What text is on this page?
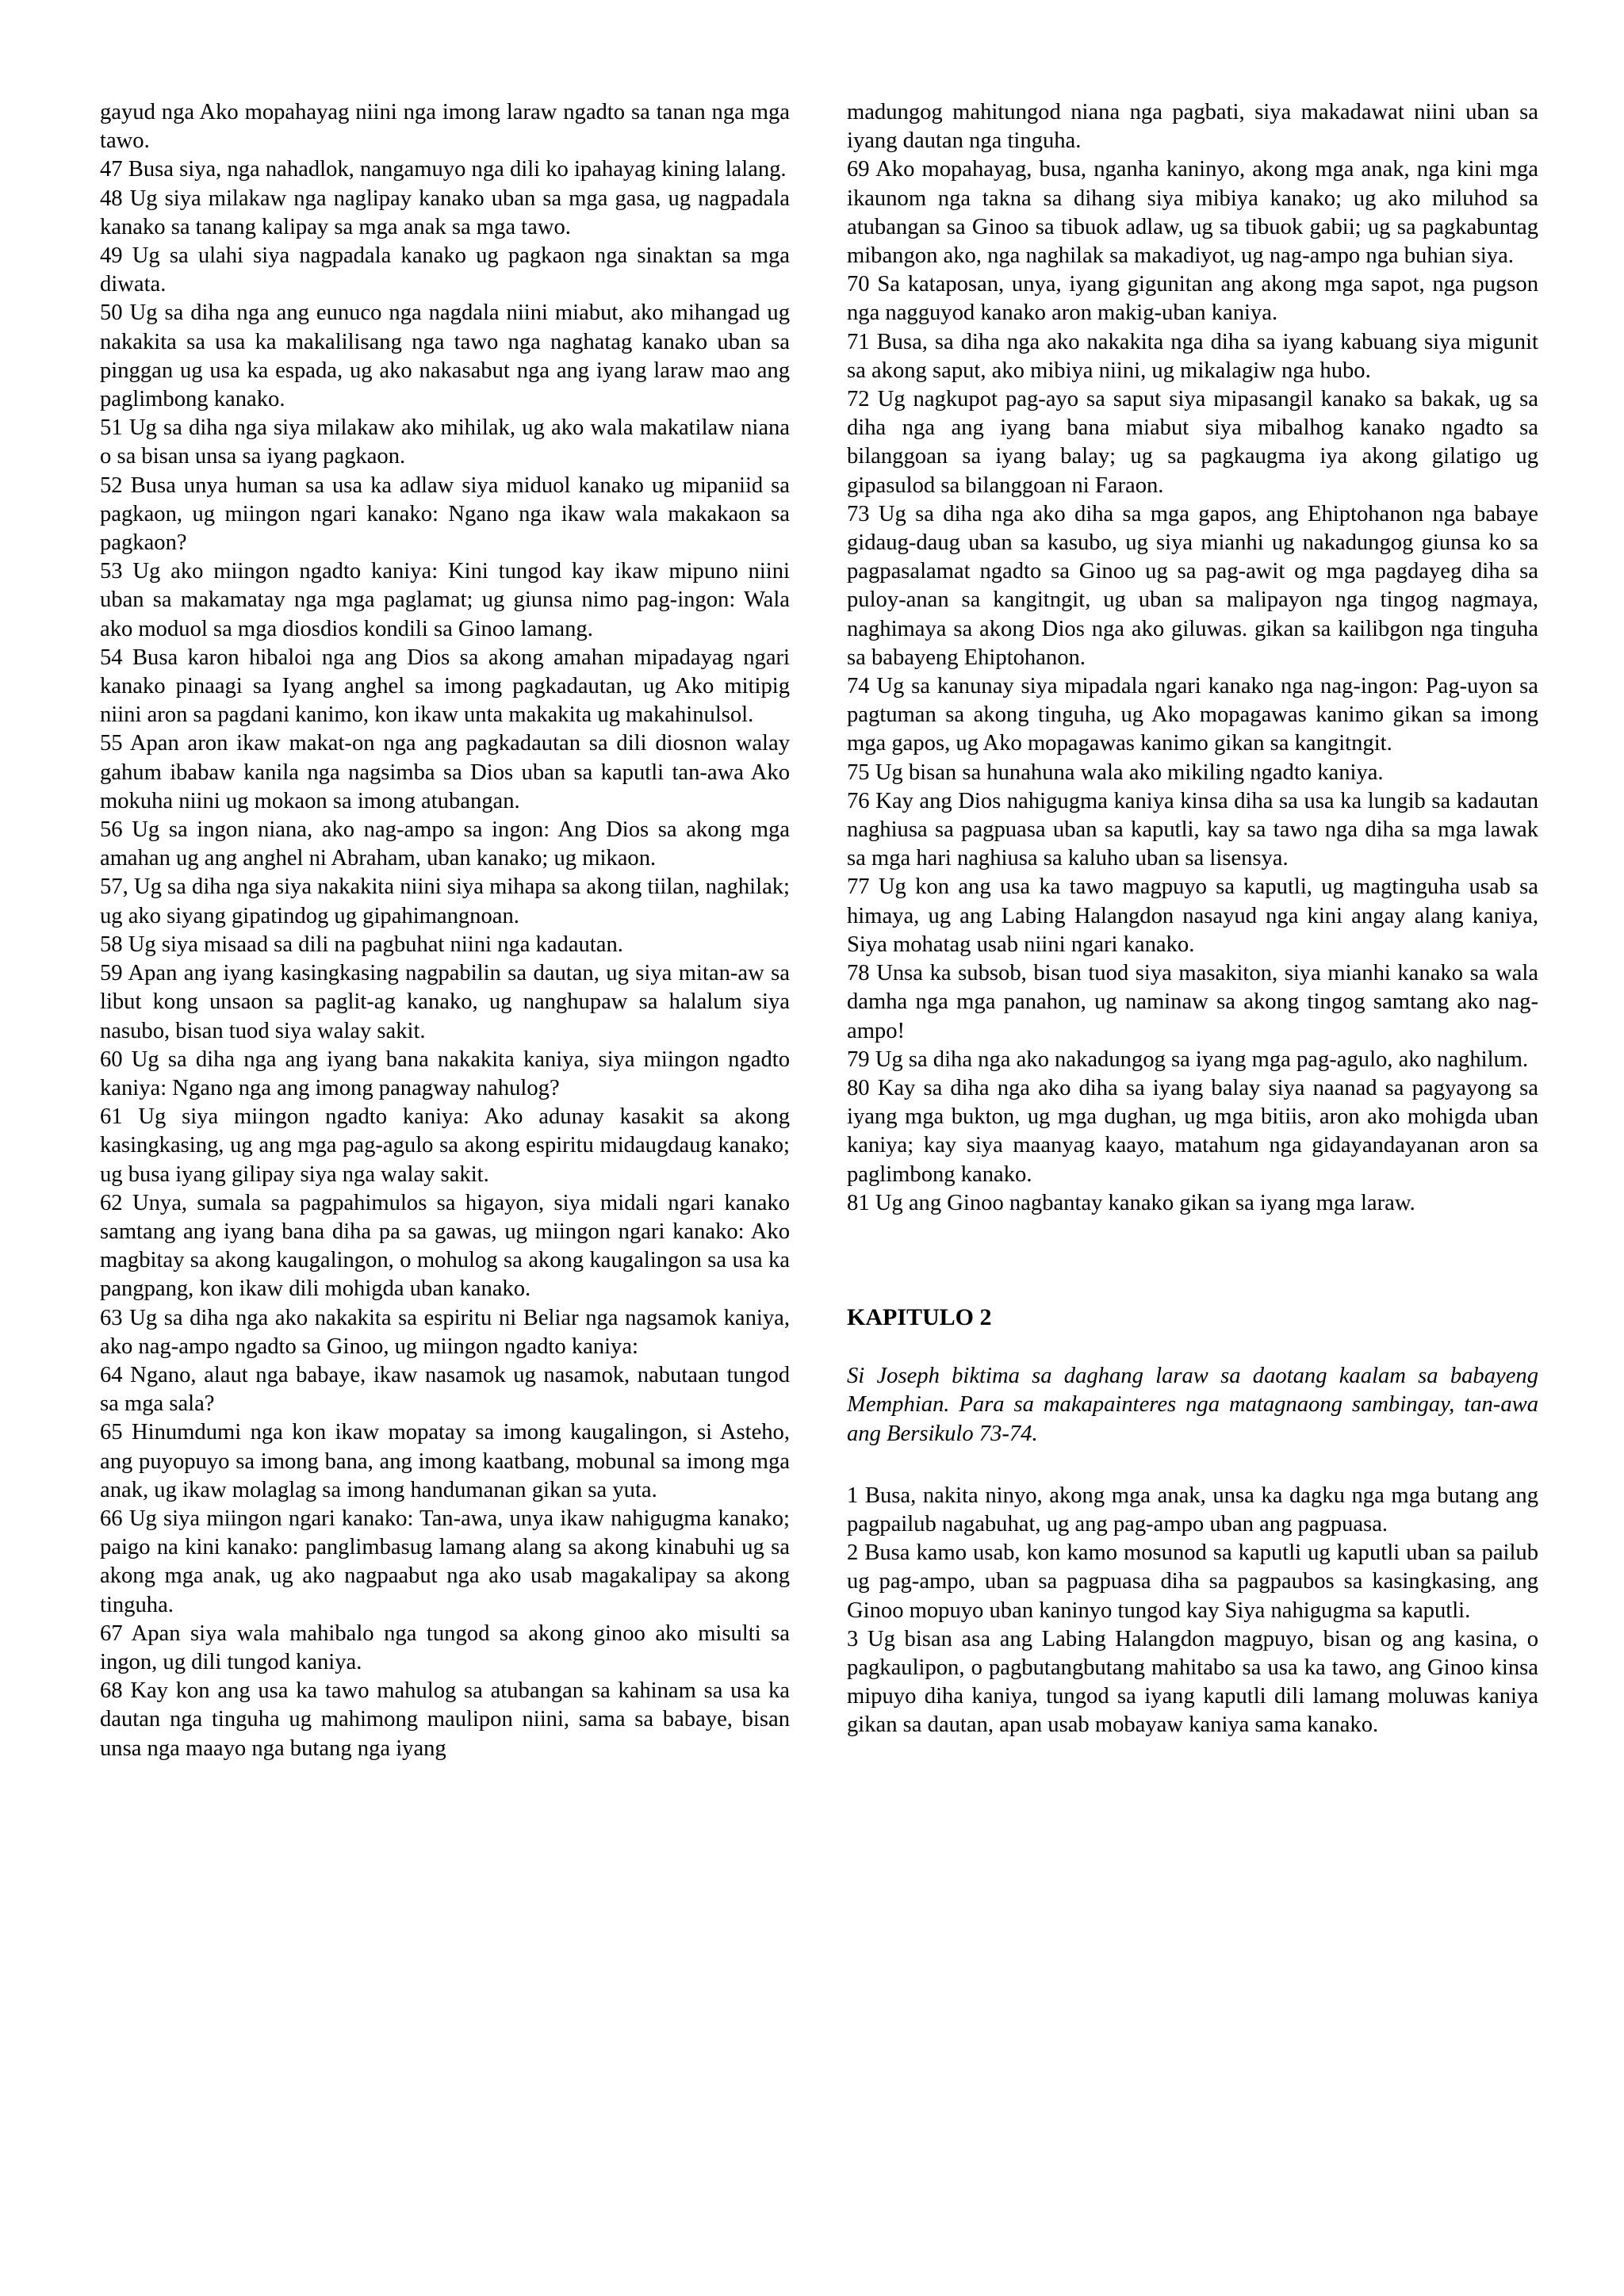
gayud nga Ako mopahayag niini nga imong laraw ngadto sa tanan nga mga tawo.

47 Busa siya, nga nahadlok, nangamuyo nga dili ko ipahayag kining lalang.

48 Ug siya milakaw nga naglipay kanako uban sa mga gasa, ug nagpadala kanako sa tanang kalipay sa mga anak sa mga tawo.

49 Ug sa ulahi siya nagpadala kanako ug pagkaon nga sinaktan sa mga diwata.

50 Ug sa diha nga ang eunuco nga nagdala niini miabut, ako mihangad ug nakakita sa usa ka makalilisang nga tawo nga naghatag kanako uban sa pinggan ug usa ka espada, ug ako nakasabut nga ang iyang laraw mao ang paglimbong kanako.

51 Ug sa diha nga siya milakaw ako mihilak, ug ako wala makatilaw niana o sa bisan unsa sa iyang pagkaon.

52 Busa unya human sa usa ka adlaw siya miduol kanako ug mipaniid sa pagkaon, ug miingon ngari kanako: Ngano nga ikaw wala makakaon sa pagkaon?

53 Ug ako miingon ngadto kaniya: Kini tungod kay ikaw mipuno niini uban sa makamatay nga mga paglamat; ug giunsa nimo pag-ingon: Wala ako moduol sa mga diosdios kondili sa Ginoo lamang.

54 Busa karon hibaloi nga ang Dios sa akong amahan mipadayag ngari kanako pinaagi sa Iyang anghel sa imong pagkadautan, ug Ako mitipig niini aron sa pagdani kanimo, kon ikaw unta makakita ug makahinulsol.

55 Apan aron ikaw makat-on nga ang pagkadautan sa dili diosnon walay gahum ibabaw kanila nga nagsimba sa Dios uban sa kaputli tan-awa Ako mokuha niini ug mokaon sa imong atubangan.

56 Ug sa ingon niana, ako nag-ampo sa ingon: Ang Dios sa akong mga amahan ug ang anghel ni Abraham, uban kanako; ug mikaon.

57, Ug sa diha nga siya nakakita niini siya mihapa sa akong tiilan, naghilak; ug ako siyang gipatindog ug gipahimangnoan.

58 Ug siya misaad sa dili na pagbuhat niini nga kadautan.

59 Apan ang iyang kasingkasing nagpabilin sa dautan, ug siya mitan-aw sa libut kong unsaon sa paglit-ag kanako, ug nanghupaw sa halalum siya nasubo, bisan tuod siya walay sakit.

60 Ug sa diha nga ang iyang bana nakakita kaniya, siya miingon ngadto kaniya: Ngano nga ang imong panagway nahulog?

61 Ug siya miingon ngadto kaniya: Ako adunay kasakit sa akong kasingkasing, ug ang mga pag-agulo sa akong espiritu midaugdaug kanako; ug busa iyang gilipay siya nga walay sakit.

62 Unya, sumala sa pagpahimulos sa higayon, siya midali ngari kanako samtang ang iyang bana diha pa sa gawas, ug miingon ngari kanako: Ako magbitay sa akong kaugalingon, o mohulog sa akong kaugalingon sa usa ka pangpang, kon ikaw dili mohigda uban kanako.

63 Ug sa diha nga ako nakakita sa espiritu ni Beliar nga nagsamok kaniya, ako nag-ampo ngadto sa Ginoo, ug miingon ngadto kaniya:

64 Ngano, alaut nga babaye, ikaw nasamok ug nasamok, nabutaan tungod sa mga sala?

65 Hinumdumi nga kon ikaw mopatay sa imong kaugalingon, si Asteho, ang puyopuyo sa imong bana, ang imong kaatbang, mobunal sa imong mga anak, ug ikaw molaglag sa imong handumanan gikan sa yuta.

66 Ug siya miingon ngari kanako: Tan-awa, unya ikaw nahigugma kanako; paigo na kini kanako: panglimbasug lamang alang sa akong kinabuhi ug sa akong mga anak, ug ako nagpaabut nga ako usab magakalipay sa akong tinguha.

67 Apan siya wala mahibalo nga tungod sa akong ginoo ako misulti sa ingon, ug dili tungod kaniya.

68 Kay kon ang usa ka tawo mahulog sa atubangan sa kahinam sa usa ka dautan nga tinguha ug mahimong maulipon niini, sama sa babaye, bisan unsa nga maayo nga butang nga iyang

madungog mahitungod niana nga pagbati, siya makadawat niini uban sa iyang dautan nga tinguha.

69 Ako mopahayag, busa, nganha kaninyo, akong mga anak, nga kini mga ikaunom nga takna sa dihang siya mibiya kanako; ug ako miluhod sa atubangan sa Ginoo sa tibuok adlaw, ug sa tibuok gabii; ug sa pagkabuntag mibangon ako, nga naghilak sa makadiyot, ug nag-ampo nga buhian siya.

70 Sa kataposan, unya, iyang gigunitan ang akong mga sapot, nga pugson nga nagguyod kanako aron makig-uban kaniya.

71 Busa, sa diha nga ako nakakita nga diha sa iyang kabuang siya migunit sa akong saput, ako mibiya niini, ug mikalagiw nga hubo.

72 Ug nagkupot pag-ayo sa saput siya mipasangil kanako sa bakak, ug sa diha nga ang iyang bana miabut siya mibalhog kanako ngadto sa bilanggoan sa iyang balay; ug sa pagkaugma iya akong gilatigo ug gipasulod sa bilanggoan ni Faraon.

73 Ug sa diha nga ako diha sa mga gapos, ang Ehiptohanon nga babaye gidaug-daug uban sa kasubo, ug siya mianhi ug nakadungog giunsa ko sa pagpasalamat ngadto sa Ginoo ug sa pag-awit og mga pagdayeg diha sa puloy-anan sa kangitngit, ug uban sa malipayon nga tingog nagmaya, naghimaya sa akong Dios nga ako giluwas. gikan sa kailibgon nga tinguha sa babayeng Ehiptohanon.

74 Ug sa kanunay siya mipadala ngari kanako nga nag-ingon: Pag-uyon sa pagtuman sa akong tinguha, ug Ako mopagawas kanimo gikan sa imong mga gapos, ug Ako mopagawas kanimo gikan sa kangitngit.

75 Ug bisan sa hunahuna wala ako mikiling ngadto kaniya.

76 Kay ang Dios nahigugma kaniya kinsa diha sa usa ka lungib sa kadautan naghiusa sa pagpuasa uban sa kaputli, kay sa tawo nga diha sa mga lawak sa mga hari naghiusa sa kaluho uban sa lisensya.

77 Ug kon ang usa ka tawo magpuyo sa kaputli, ug magtinguha usab sa himaya, ug ang Labing Halangdon nasayud nga kini angay alang kaniya, Siya mohatag usab niini ngari kanako.

78 Unsa ka subsob, bisan tuod siya masakiton, siya mianhi kanako sa wala damha nga mga panahon, ug naminaw sa akong tingog samtang ako nag-ampo!

79 Ug sa diha nga ako nakadungog sa iyang mga pag-agulo, ako naghilum.

80 Kay sa diha nga ako diha sa iyang balay siya naanad sa pagyayong sa iyang mga bukton, ug mga dughan, ug mga bitiis, aron ako mohigda uban kaniya; kay siya maanyag kaayo, matahum nga gidayandayanan aron sa paglimbong kanako.

81 Ug ang Ginoo nagbantay kanako gikan sa iyang mga laraw.

KAPITULO 2

Si Joseph biktima sa daghang laraw sa daotang kaalam sa babayeng Memphian. Para sa makapainteres nga matagnaong sambingay, tan-awa ang Bersikulo 73-74.

1 Busa, nakita ninyo, akong mga anak, unsa ka dagku nga mga butang ang pagpailub nagabuhat, ug ang pag-ampo uban ang pagpuasa.

2 Busa kamo usab, kon kamo mosunod sa kaputli ug kaputli uban sa pailub ug pag-ampo, uban sa pagpuasa diha sa pagpaubos sa kasingkasing, ang Ginoo mopuyo uban kaninyo tungod kay Siya nahigugma sa kaputli.

3 Ug bisan asa ang Labing Halangdon magpuyo, bisan og ang kasina, o pagkaulipon, o pagbutangbutang mahitabo sa usa ka tawo, ang Ginoo kinsa mipuyo diha kaniya, tungod sa iyang kaputli dili lamang moluwas kaniya gikan sa dautan, apan usab mobayaw kaniya sama kanako.
